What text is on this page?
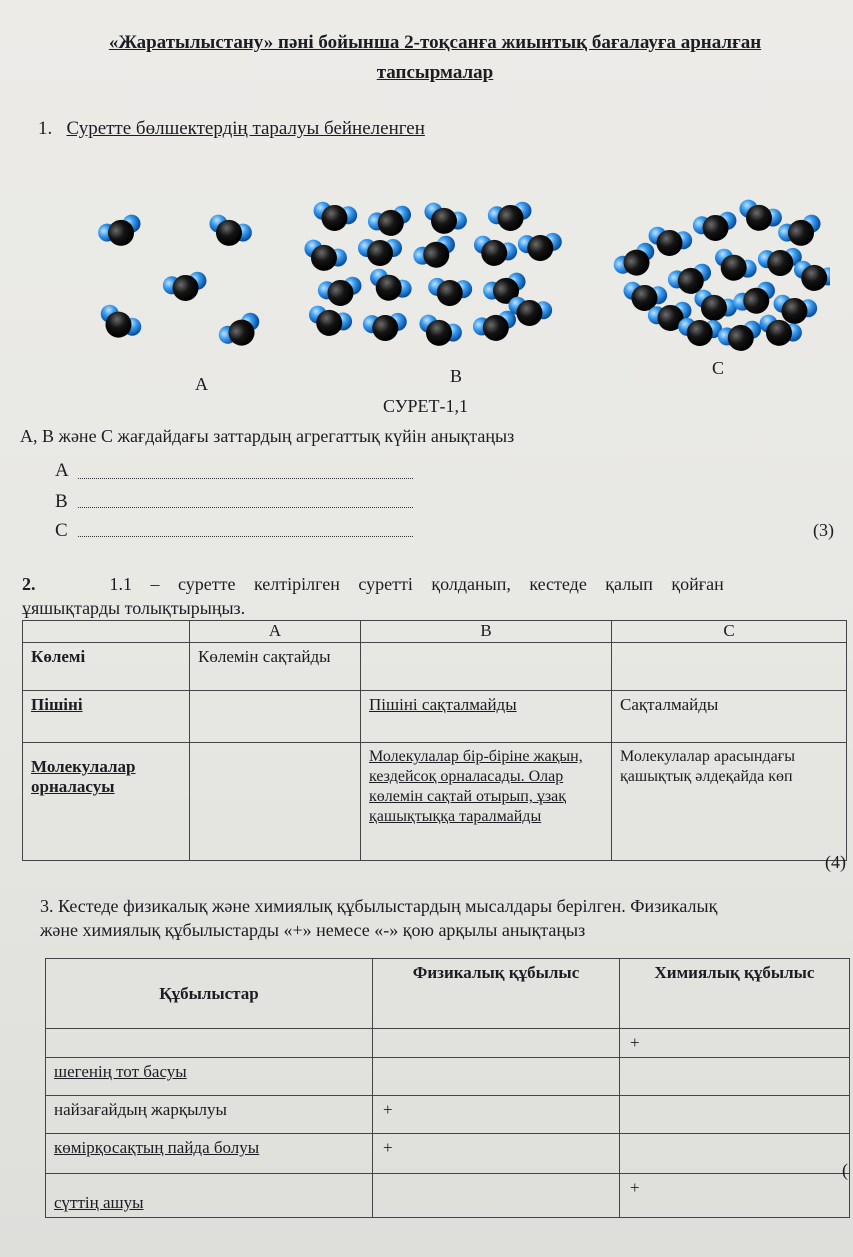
«Жаратылыстану» пәні бойынша 2-тоқсанға жиынтық бағалауға арналған
тапсырмалар
1. Суретте бөлшектердің таралуы бейнеленген
A	B	C
СУРЕТ-1,1
А, В және С жағдайдағы заттардың агрегаттық күйін анықтаңыз
A
B
C	(3)
2.	1.1 – суретте келтірілген суретті қолданып, кестеде қалып қойған
ұяшықтарды толықтырыңыз.
	A	B	C
Көлемі	Көлемін сақтайды		
Пішіні		Пішіні сақталмайды	Сақталмайды
Молекулалар орналасуы		Молекулалар бір-біріне жақын, кездейсоқ орналасады. Олар көлемін сақтай отырып, ұзақ қашықтыққа таралмайды	Молекулалар арасындағы қашықтық әлдеқайда көп
(4)
3. Кестеде физикалық және химиялық құбылыстардың мысалдары берілген. Физикалық
және химиялық құбылыстарды «+» немесе «-» қою арқылы анықтаңыз
Құбылыстар	Физикалық құбылыс	Химиялық құбылыс
		+
шегенің тот басуы		
найзағайдың жарқылуы	+	
көмірқосақтың пайда болуы	+	
сүттің ашуы		+
(
